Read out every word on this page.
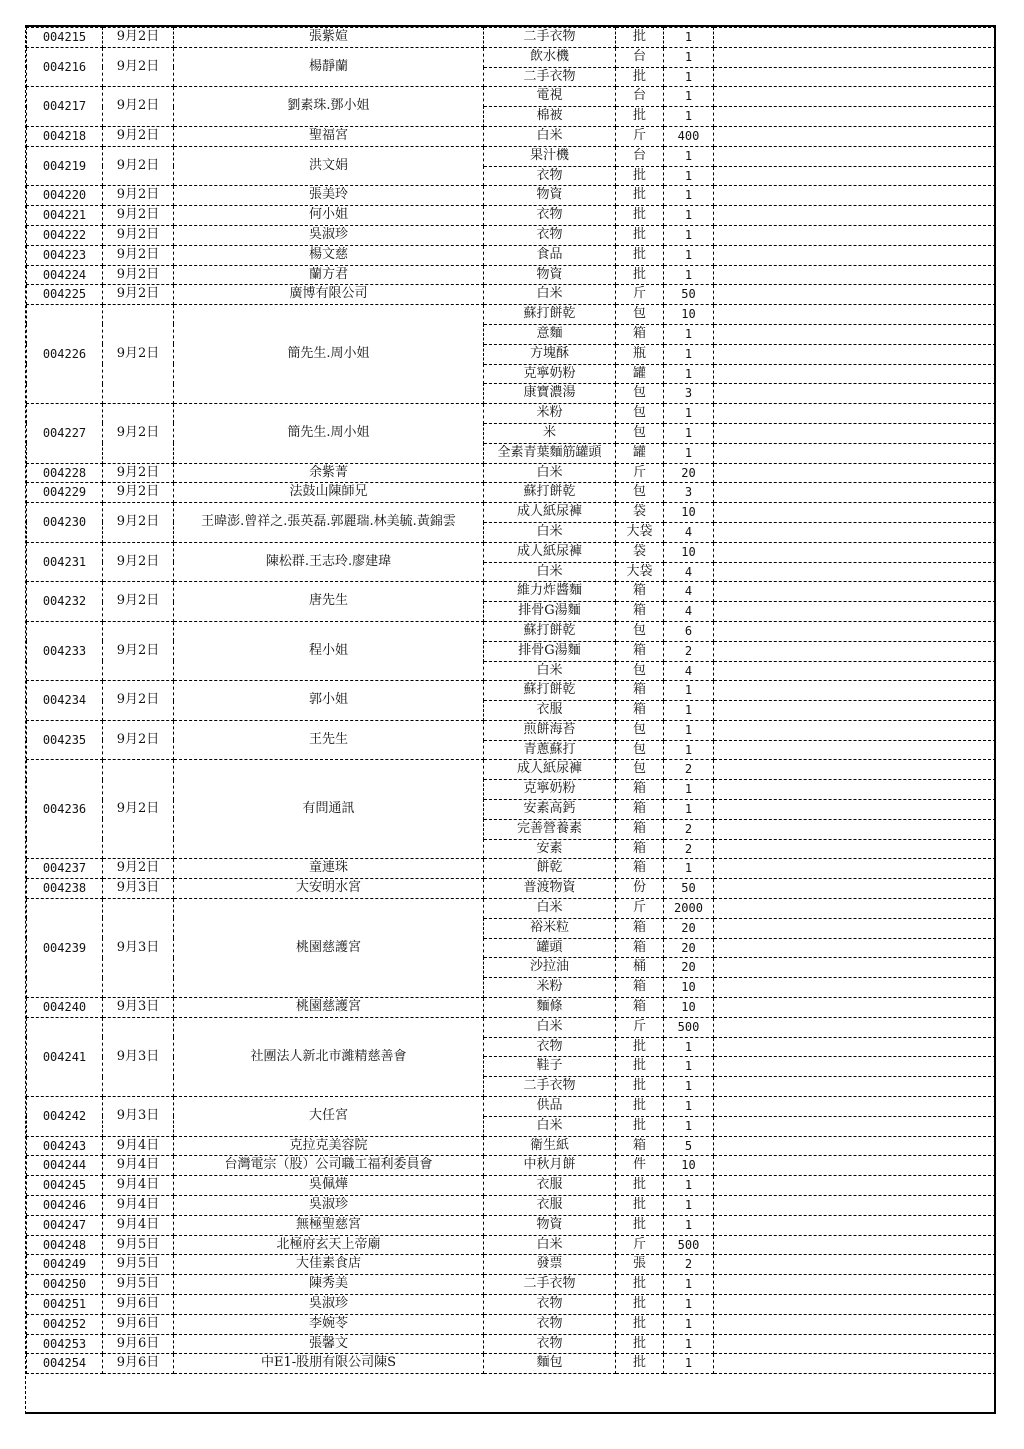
004215	9月2日	張紫媗	二手衣物	批	1	
004216	9月2日	楊靜蘭	飲水機	台	1	
			二手衣物	批	1	
004217	9月2日	劉素珠.鄧小姐	電視	台	1	
			棉被	批	1	
004218	9月2日	聖福宮	白米	斤	400	
004219	9月2日	洪文娟	果汁機	台	1	
			衣物	批	1	
004220	9月2日	張美玲	物資	批	1	
004221	9月2日	何小姐	衣物	批	1	
004222	9月2日	吳淑珍	衣物	批	1	
004223	9月2日	楊文慈	食品	批	1	
004224	9月2日	蘭方君	物資	批	1	
004225	9月2日	廣博有限公司	白米	斤	50	
004226	9月2日	簡先生.周小姐	蘇打餅乾	包	10	
			意麵	箱	1	
			方塊酥	瓶	1	
			克寧奶粉	罐	1	
			康寶濃湯	包	3	
004227	9月2日	簡先生.周小姐	米粉	包	1	
			米	包	1	
			全素青葉麵筋罐頭	罐	1	
004228	9月2日	余紫菁	白米	斤	20	
004229	9月2日	法鼓山陳師兄	蘇打餅乾	包	3	
004230	9月2日	王暐澎.曾祥之.張英磊.郭麗瑞.林美毓.黃錦雲	成人紙尿褲	袋	10	
			白米	大袋	4	
004231	9月2日	陳松群.王志玲.廖建瑋	成人紙尿褲	袋	10	
			白米	大袋	4	
004232	9月2日	唐先生	維力炸醬麵	箱	4	
			排骨G湯麵	箱	4	
004233	9月2日	程小姐	蘇打餅乾	包	6	
			排骨G湯麵	箱	2	
			白米	包	4	
004234	9月2日	郭小姐	蘇打餅乾	箱	1	
			衣服	箱	1	
004235	9月2日	王先生	煎餅海苔	包	1	
			青蔥蘇打	包	1	
004236	9月2日	有問通訊	成人紙尿褲	包	2	
			克寧奶粉	箱	1	
			安素高鈣	箱	1	
			完善營養素	箱	2	
			安素	箱	2	
004237	9月2日	童連珠	餅乾	箱	1	
004238	9月3日	大安明水宮	普渡物資	份	50	
004239	9月3日	桃園慈護宮	白米	斤	2000	
			裕米粒	箱	20	
			罐頭	箱	20	
			沙拉油	桶	20	
			米粉	箱	10	
004240	9月3日	桃園慈護宮	麵條	箱	10	
004241	9月3日	社團法人新北市濰精慈善會	白米	斤	500	
			衣物	批	1	
			鞋子	批	1	
			二手衣物	批	1	
004242	9月3日	大任宮	供品	批	1	
			白米	批	1	
004243	9月4日	克拉克美容院	衛生紙	箱	5	
004244	9月4日	台灣電宗（股）公司職工福利委員會	中秋月餅	件	10	
004245	9月4日	吳佩燁	衣服	批	1	
004246	9月4日	吳淑珍	衣服	批	1	
004247	9月4日	無極聖慈宮	物資	批	1	
004248	9月5日	北極府玄天上帝廟	白米	斤	500	
004249	9月5日	大佳素食店	發票	張	2	
004250	9月5日	陳秀美	二手衣物	批	1	
004251	9月6日	吳淑珍	衣物	批	1	
004252	9月6日	李婉苓	衣物	批	1	
004253	9月6日	張馨文	衣物	批	1	
004254	9月6日	中E1-股朋有限公司陳S	麵包	批	1	
